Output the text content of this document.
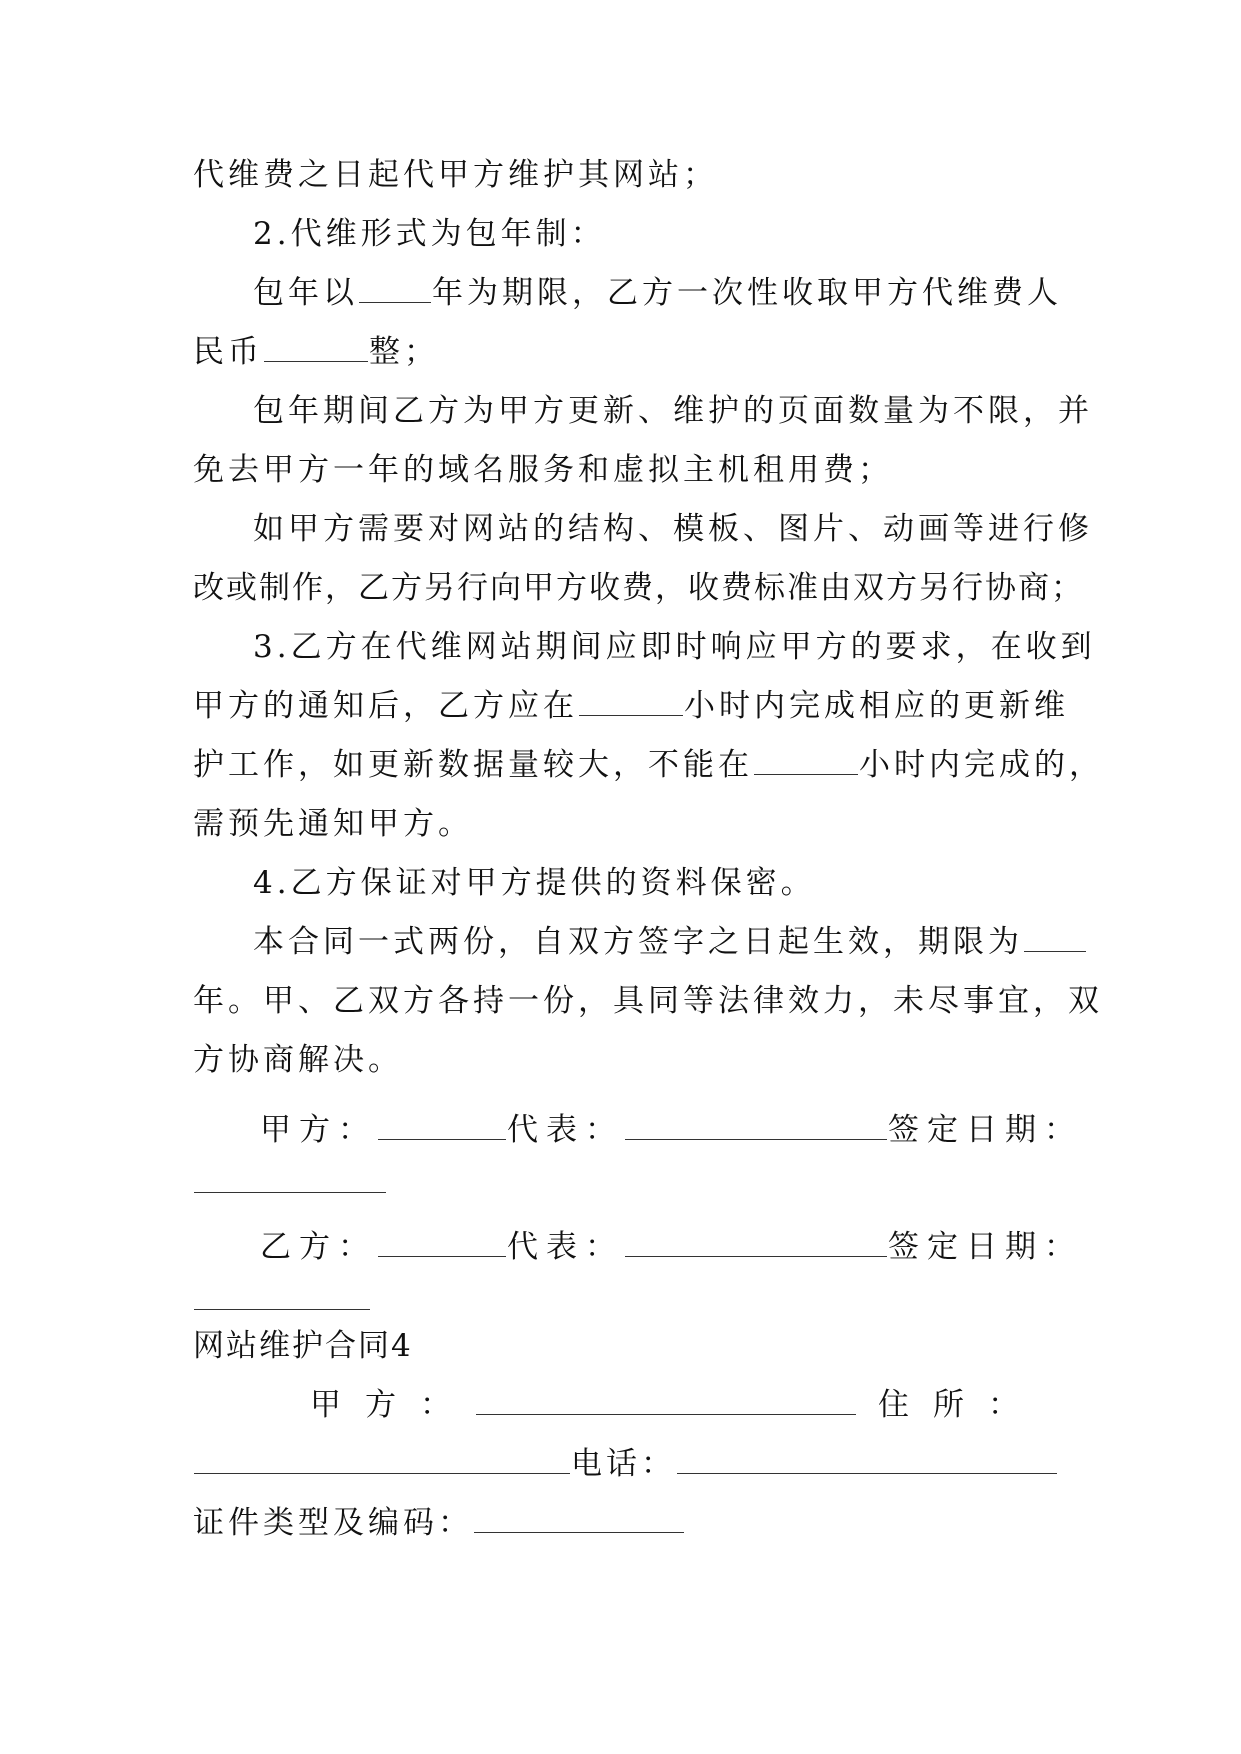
代维费之日起代甲方维护其网站；
2.代维形式为包年制：
包年以 年为期限，乙方一次性收取甲方代维费人
民币	整；
包年期间乙方为甲方更新、维护的页面数量为不限，并
免去甲方一年的域名服务和虚拟主机租用费；
如甲方需要对网站的结构、模板、图片、动画等进行修
改或制作，乙方另行向甲方收费，收费标准由双方另行协商；
3.乙方在代维网站期间应即时响应甲方的要求，在收到
甲方的通知后，乙方应在	小时内完成相应的更新维
护工作，如更新数据量较大，不能在	小时内完成的，
需预先通知甲方。
4.乙方保证对甲方提供的资料保密。
本合同一式两份，自双方签字之日起生效，期限为
年。甲、乙双方各持一份，具同等法律效力，未尽事宜，双
方协商解决。
甲方：	代表：	签定日期：
乙方：	代表：	签定日期：
网站维护合同4
甲方：	住所：
电话：
证件类型及编码：
